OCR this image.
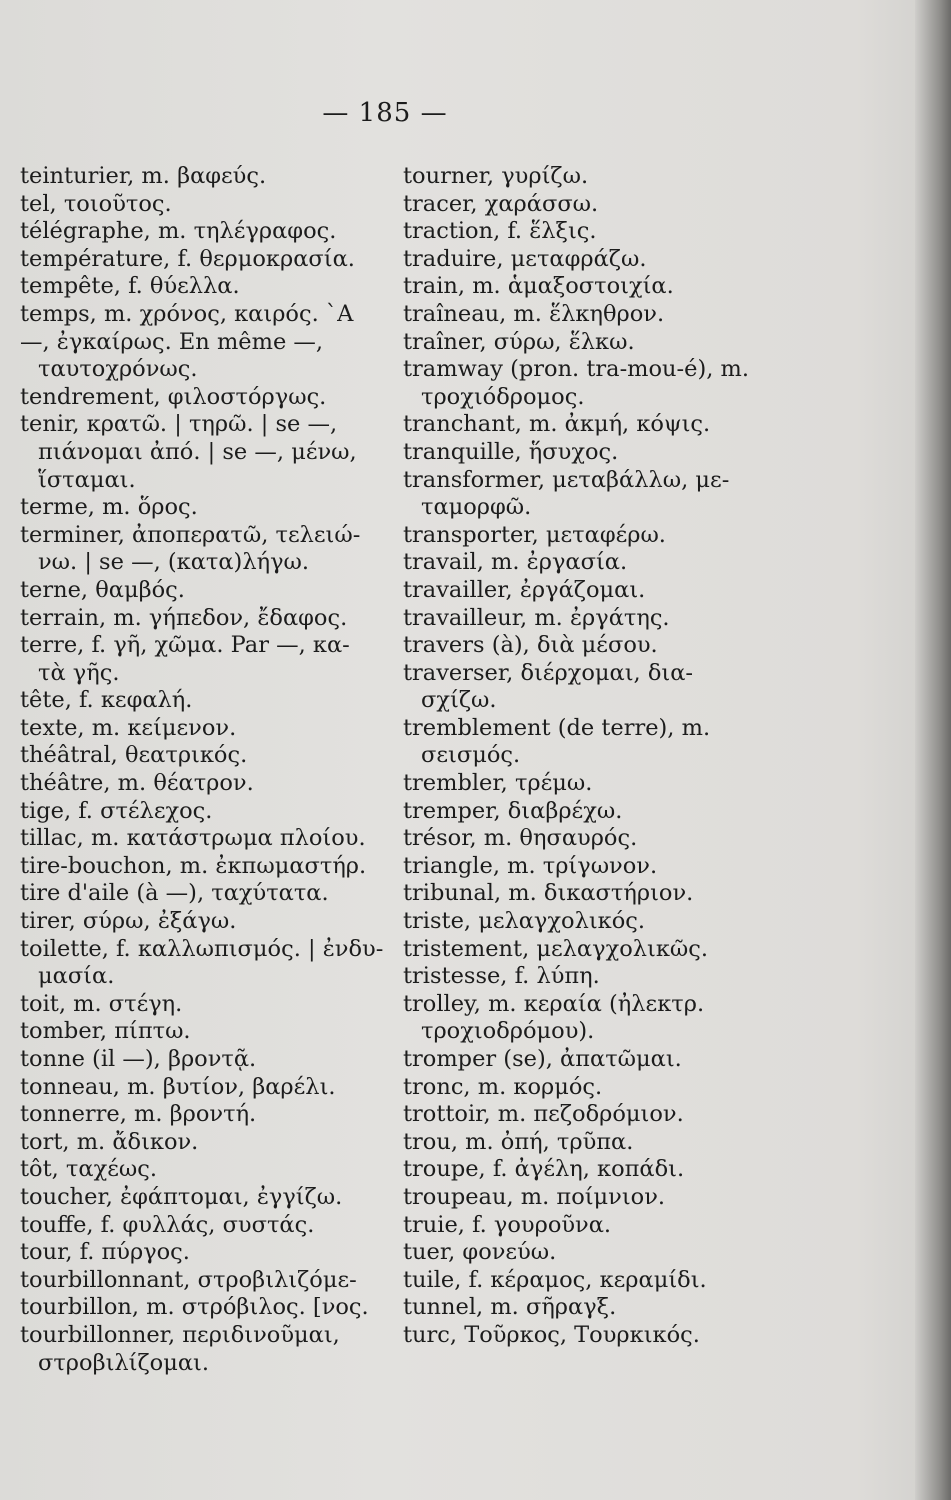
— 185 —
teinturier, m. βαφεύς.
tel, τοιοῦτος.
télégraphe, m. τηλέγραφος.
température, f. θερμοκρασία.
tempête, f. θύελλα.
temps, m. χρόνος, καιρός. `A
—, ἐγκαίρως. En même —,
ταυτοχρόνως.
tendrement, φιλοστόργως.
tenir, κρατῶ. | τηρῶ. | se —,
πιάνομαι ἀπό. | se —, μένω,
ἵσταμαι.
terme, m. ὅρος.
terminer, ἀποπερατῶ, τελειώ-
νω. | se —, (κατα)λήγω.
terne, θαμβός.
terrain, m. γήπεδον, ἔδαφος.
terre, f. γῆ, χῶμα. Par —, κα-
τὰ γῆς.
tête, f. κεφαλή.
texte, m. κείμενον.
théâtral, θεατρικός.
théâtre, m. θέατρον.
tige, f. στέλεχος.
tillac, m. κατάστρωμα πλοίου.
tire-bouchon, m. ἐκπωμαστήρ.
tire d'aile (à —), ταχύτατα.
tirer, σύρω, ἐξάγω.
toilette, f. καλλωπισμός. | ἐνδυ-
μασία.
toit, m. στέγη.
tomber, πίπτω.
tonne (il —), βροντᾷ.
tonneau, m. βυτίον, βαρέλι.
tonnerre, m. βροντή.
tort, m. ἄδικον.
tôt, ταχέως.
toucher, ἐφάπτομαι, ἐγγίζω.
touffe, f. φυλλάς, συστάς.
tour, f. πύργος.
tourbillonnant, στροβιλιζόμε-
tourbillon, m. στρόβιλος. [νος.
tourbillonner, περιδινοῦμαι,
στροβιλίζομαι.
tourner, γυρίζω.
tracer, χαράσσω.
traction, f. ἕλξις.
traduire, μεταφράζω.
train, m. ἁμαξοστοιχία.
traîneau, m. ἕλκηθρον.
traîner, σύρω, ἕλκω.
tramway (pron. tra-mou-é), m.
τροχιόδρομος.
tranchant, m. ἀκμή, κόψις.
tranquille, ἥσυχος.
transformer, μεταβάλλω, με-
ταμορφῶ.
transporter, μεταφέρω.
travail, m. ἐργασία.
travailler, ἐργάζομαι.
travailleur, m. ἐργάτης.
travers (à), διὰ μέσου.
traverser, διέρχομαι, δια-
σχίζω.
tremblement (de terre), m.
σεισμός.
trembler, τρέμω.
tremper, διαβρέχω.
trésor, m. θησαυρός.
triangle, m. τρίγωνον.
tribunal, m. δικαστήριον.
triste, μελαγχολικός.
tristement, μελαγχολικῶς.
tristesse, f. λύπη.
trolley, m. κεραία (ἠλεκτρ.
τροχιοδρόμου).
tromper (se), ἀπατῶμαι.
tronc, m. κορμός.
trottoir, m. πεζοδρόμιον.
trou, m. ὀπή, τρῦπα.
troupe, f. ἀγέλη, κοπάδι.
troupeau, m. ποίμνιον.
truie, f. γουροῦνα.
tuer, φονεύω.
tuile, f. κέραμος, κεραμίδι.
tunnel, m. σῆραγξ.
turc, Τοῦρκος, Τουρκικός.
